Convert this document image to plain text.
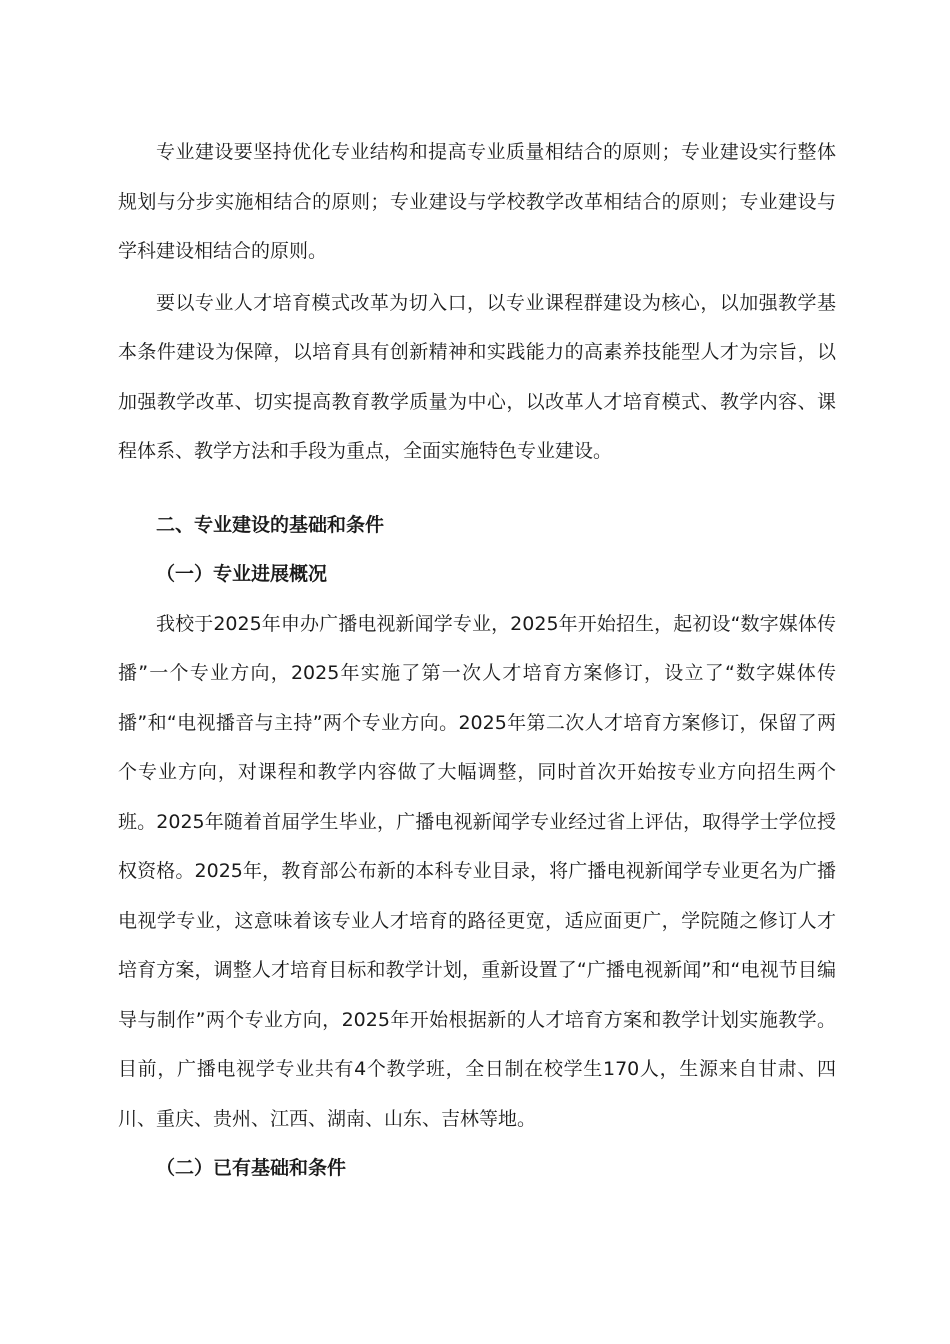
专业建设要坚持优化专业结构和提高专业质量相结合的原则；专业建设实行整体规划与分步实施相结合的原则；专业建设与学校教学改革相结合的原则；专业建设与学科建设相结合的原则。

要以专业人才培育模式改革为切入口，以专业课程群建设为核心，以加强教学基本条件建设为保障，以培育具有创新精神和实践能力的高素养技能型人才为宗旨，以加强教学改革、切实提高教育教学质量为中心，以改革人才培育模式、教学内容、课程体系、教学方法和手段为重点，全面实施特色专业建设。

二、专业建设的基础和条件

（一）专业进展概况

我校于2025年申办广播电视新闻学专业，2025年开始招生，起初设“数字媒体传播”一个专业方向，2025年实施了第一次人才培育方案修订，设立了“数字媒体传播”和“电视播音与主持”两个专业方向。2025年第二次人才培育方案修订，保留了两个专业方向，对课程和教学内容做了大幅调整，同时首次开始按专业方向招生两个班。2025年随着首届学生毕业，广播电视新闻学专业经过省上评估，取得学士学位授权资格。2025年，教育部公布新的本科专业目录，将广播电视新闻学专业更名为广播电视学专业，这意味着该专业人才培育的路径更宽，适应面更广，学院随之修订人才培育方案，调整人才培育目标和教学计划，重新设置了“广播电视新闻”和“电视节目编导与制作”两个专业方向，2025年开始根据新的人才培育方案和教学计划实施教学。目前，广播电视学专业共有4个教学班，全日制在校学生170人，生源来自甘肃、四川、重庆、贵州、江西、湖南、山东、吉林等地。

（二）已有基础和条件
